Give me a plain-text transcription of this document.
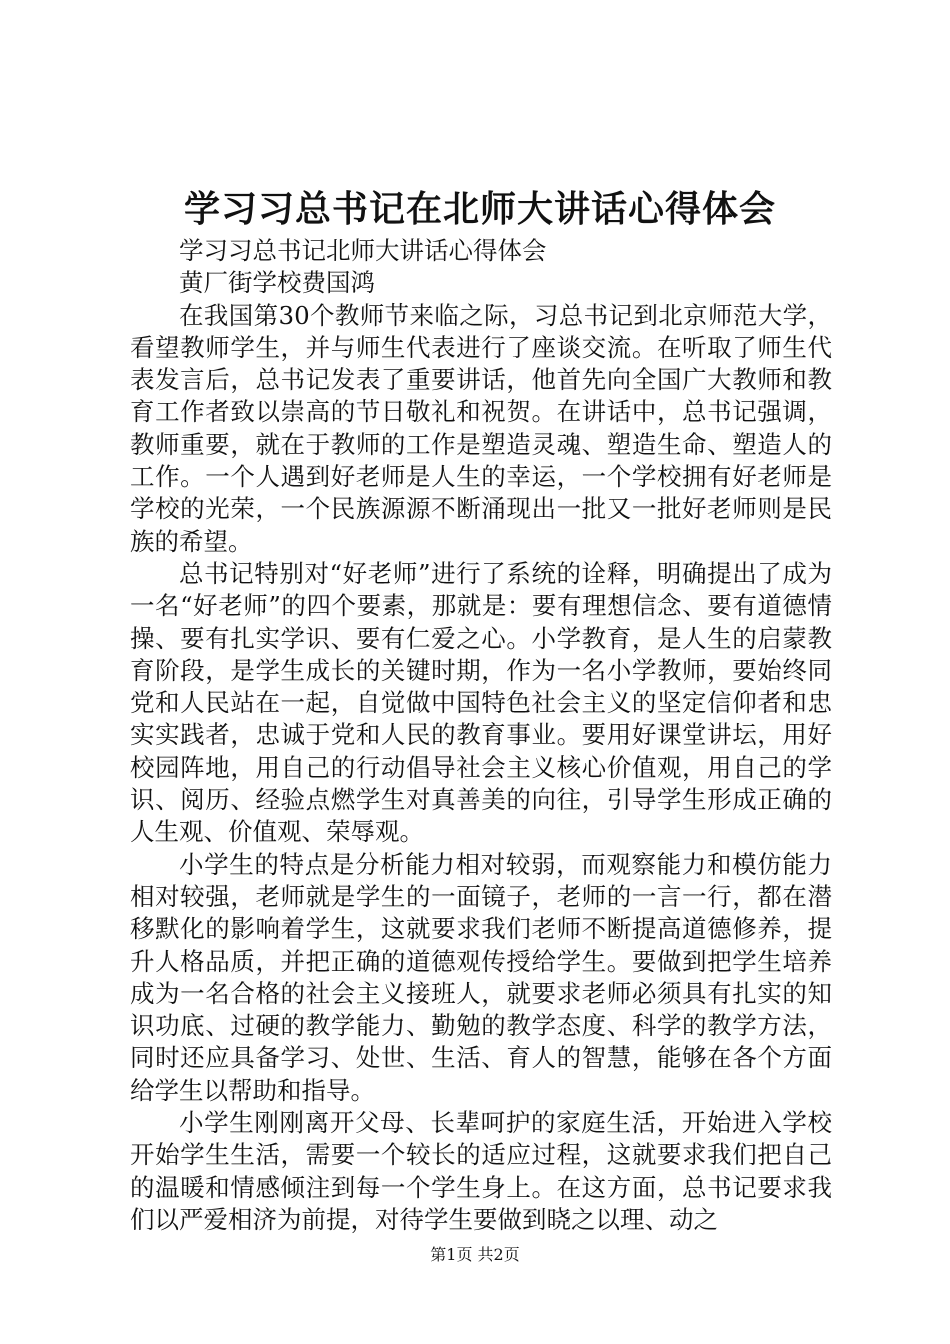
学习习总书记在北师大讲话心得体会

学习习总书记北师大讲话心得体会

黄厂街学校费国鸿

在我国第30个教师节来临之际，习总书记到北京师范大学，看望教师学生，并与师生代表进行了座谈交流。在听取了师生代表发言后，总书记发表了重要讲话，他首先向全国广大教师和教育工作者致以崇高的节日敬礼和祝贺。在讲话中，总书记强调，教师重要，就在于教师的工作是塑造灵魂、塑造生命、塑造人的工作。一个人遇到好老师是人生的幸运，一个学校拥有好老师是学校的光荣，一个民族源源不断涌现出一批又一批好老师则是民族的希望。

总书记特别对“好老师”进行了系统的诠释，明确提出了成为一名“好老师”的四个要素，那就是：要有理想信念、要有道德情操、要有扎实学识、要有仁爱之心。小学教育，是人生的启蒙教育阶段，是学生成长的关键时期，作为一名小学教师，要始终同党和人民站在一起，自觉做中国特色社会主义的坚定信仰者和忠实实践者，忠诚于党和人民的教育事业。要用好课堂讲坛，用好校园阵地，用自己的行动倡导社会主义核心价值观，用自己的学识、阅历、经验点燃学生对真善美的向往，引导学生形成正确的人生观、价值观、荣辱观。

小学生的特点是分析能力相对较弱，而观察能力和模仿能力相对较强，老师就是学生的一面镜子，老师的一言一行，都在潜移默化的影响着学生，这就要求我们老师不断提高道德修养，提升人格品质，并把正确的道德观传授给学生。要做到把学生培养成为一名合格的社会主义接班人，就要求老师必须具有扎实的知识功底、过硬的教学能力、勤勉的教学态度、科学的教学方法，同时还应具备学习、处世、生活、育人的智慧，能够在各个方面给学生以帮助和指导。

小学生刚刚离开父母、长辈呵护的家庭生活，开始进入学校开始学生生活，需要一个较长的适应过程，这就要求我们把自己的温暖和情感倾注到每一个学生身上。在这方面，总书记要求我们以严爱相济为前提，对待学生要做到晓之以理、动之

第1页 共2页
